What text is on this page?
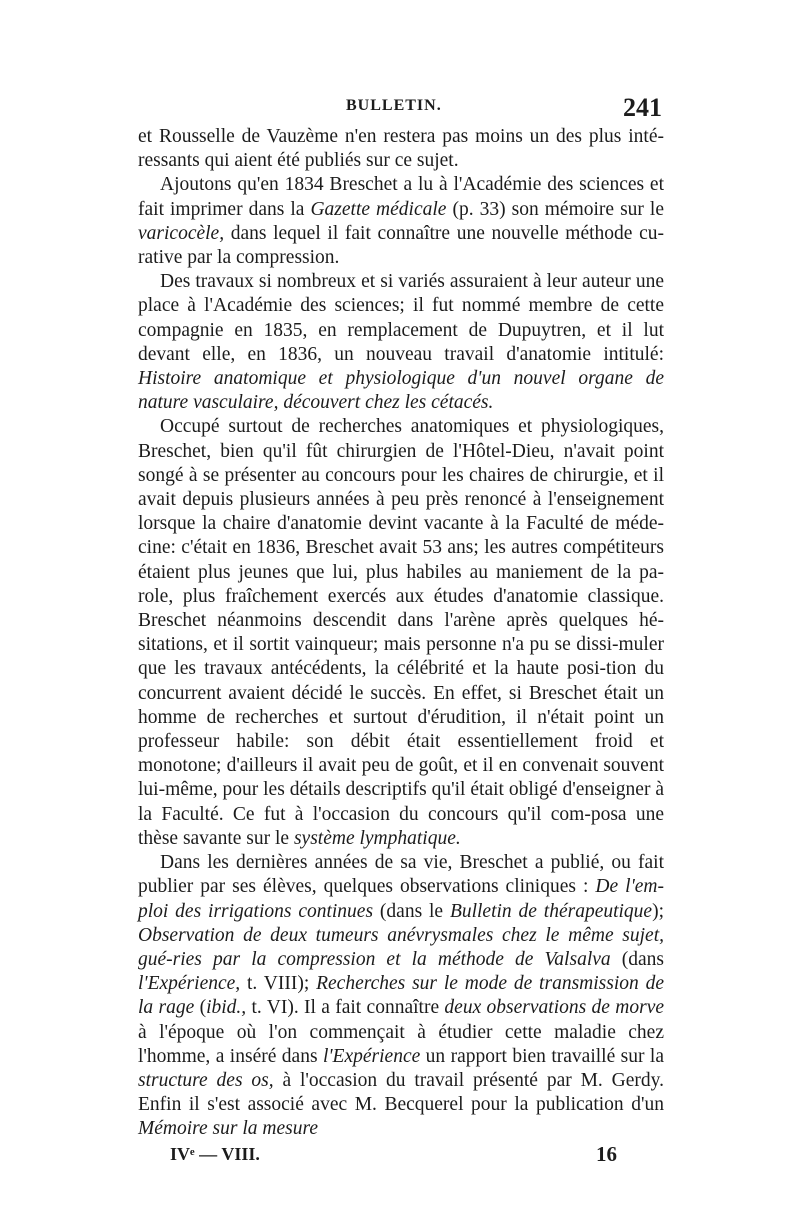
BULLETIN.	241

et Rousselle de Vauzème n'en restera pas moins un des plus inté-ressants qui aient été publiés sur ce sujet.

Ajoutons qu'en 1834 Breschet a lu à l'Académie des sciences et fait imprimer dans la Gazette médicale (p. 33) son mémoire sur le varicocèle, dans lequel il fait connaître une nouvelle méthode cu-rative par la compression.

Des travaux si nombreux et si variés assuraient à leur auteur une place à l'Académie des sciences; il fut nommé membre de cette compagnie en 1835, en remplacement de Dupuytren, et il lut devant elle, en 1836, un nouveau travail d'anatomie intitulé: Histoire anatomique et physiologique d'un nouvel organe de nature vasculaire, découvert chez les cétacés.

Occupé surtout de recherches anatomiques et physiologiques, Breschet, bien qu'il fût chirurgien de l'Hôtel-Dieu, n'avait point songé à se présenter au concours pour les chaires de chirurgie, et il avait depuis plusieurs années à peu près renoncé à l'enseignement lorsque la chaire d'anatomie devint vacante à la Faculté de méde-cine: c'était en 1836, Breschet avait 53 ans; les autres compétiteurs étaient plus jeunes que lui, plus habiles au maniement de la pa-role, plus fraîchement exercés aux études d'anatomie classique. Breschet néanmoins descendit dans l'arène après quelques hé-sitations, et il sortit vainqueur; mais personne n'a pu se dissi-muler que les travaux antécédents, la célébrité et la haute posi-tion du concurrent avaient décidé le succès. En effet, si Breschet était un homme de recherches et surtout d'érudition, il n'était point un professeur habile: son débit était essentiellement froid et monotone; d'ailleurs il avait peu de goût, et il en convenait souvent lui-même, pour les détails descriptifs qu'il était obligé d'enseigner à la Faculté. Ce fut à l'occasion du concours qu'il com-posa une thèse savante sur le système lymphatique.

Dans les dernières années de sa vie, Breschet a publié, ou fait publier par ses élèves, quelques observations cliniques : De l'em-ploi des irrigations continues (dans le Bulletin de thérapeutique); Observation de deux tumeurs anévrysmales chez le même sujet, gué-ries par la compression et la méthode de Valsalva (dans l'Expérience, t. VIII); Recherches sur le mode de transmission de la rage (ibid., t. VI). Il a fait connaître deux observations de morve à l'époque où l'on commençait à étudier cette maladie chez l'homme, a inséré dans l'Expérience un rapport bien travaillé sur la structure des os, à l'occasion du travail présenté par M. Gerdy. Enfin il s'est associé avec M. Becquerel pour la publication d'un Mémoire sur la mesure

IVᵉ — VIII.	16
